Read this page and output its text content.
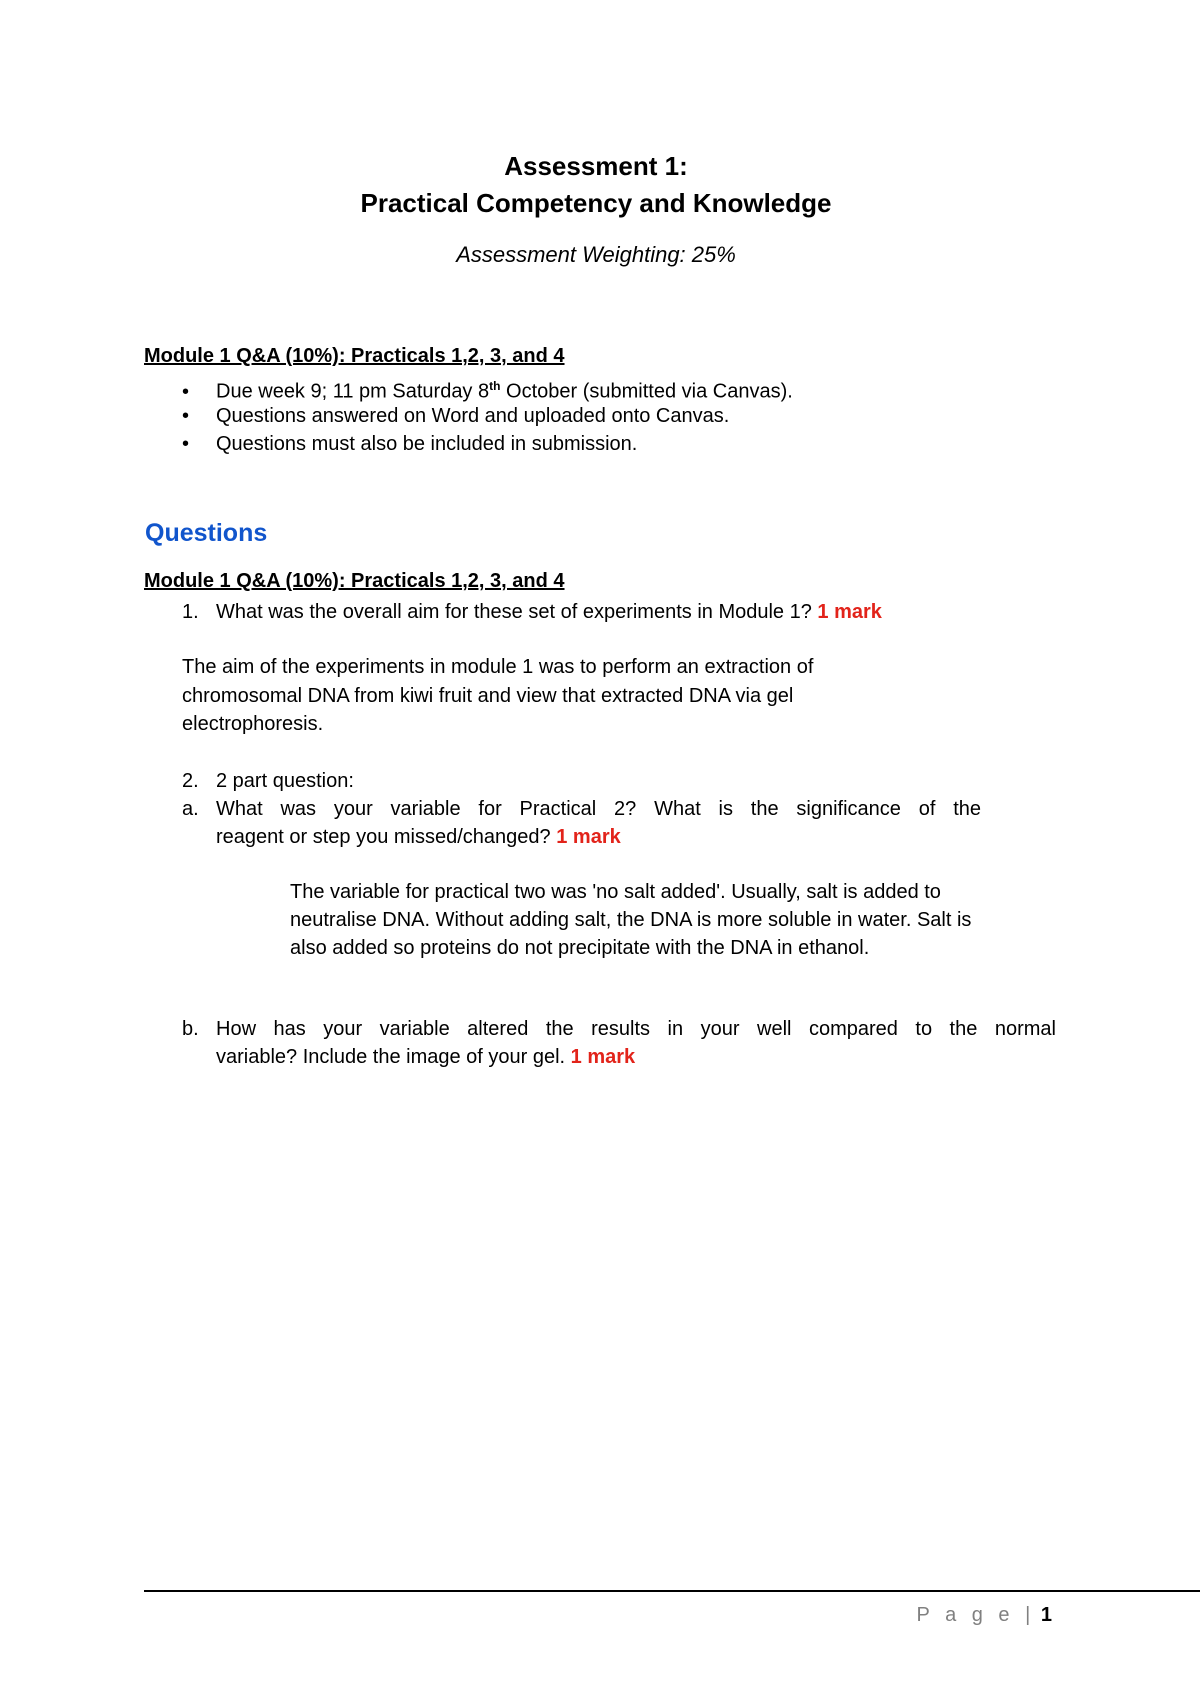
Assessment 1:
Practical Competency and Knowledge
Assessment Weighting: 25%
Module 1 Q&A (10%): Practicals 1,2, 3, and 4
• Due week 9; 11 pm Saturday 8th October (submitted via Canvas).
• Questions answered on Word and uploaded onto Canvas.
• Questions must also be included in submission.
Questions
Module 1 Q&A (10%): Practicals 1,2, 3, and 4
1. What was the overall aim for these set of experiments in Module 1? 1 mark
The aim of the experiments in module 1 was to perform an extraction of
chromosomal DNA from kiwi fruit and view that extracted DNA via gel
electrophoresis.
2. 2 part question:
a. What was your variable for Practical 2? What is the significance of the
reagent or step you missed/changed? 1 mark
The variable for practical two was 'no salt added'. Usually, salt is added to
neutralise DNA. Without adding salt, the DNA is more soluble in water. Salt is
also added so proteins do not precipitate with the DNA in ethanol.
b. How has your variable altered the results in your well compared to the normal
variable? Include the image of your gel. 1 mark
P a g e | 1
